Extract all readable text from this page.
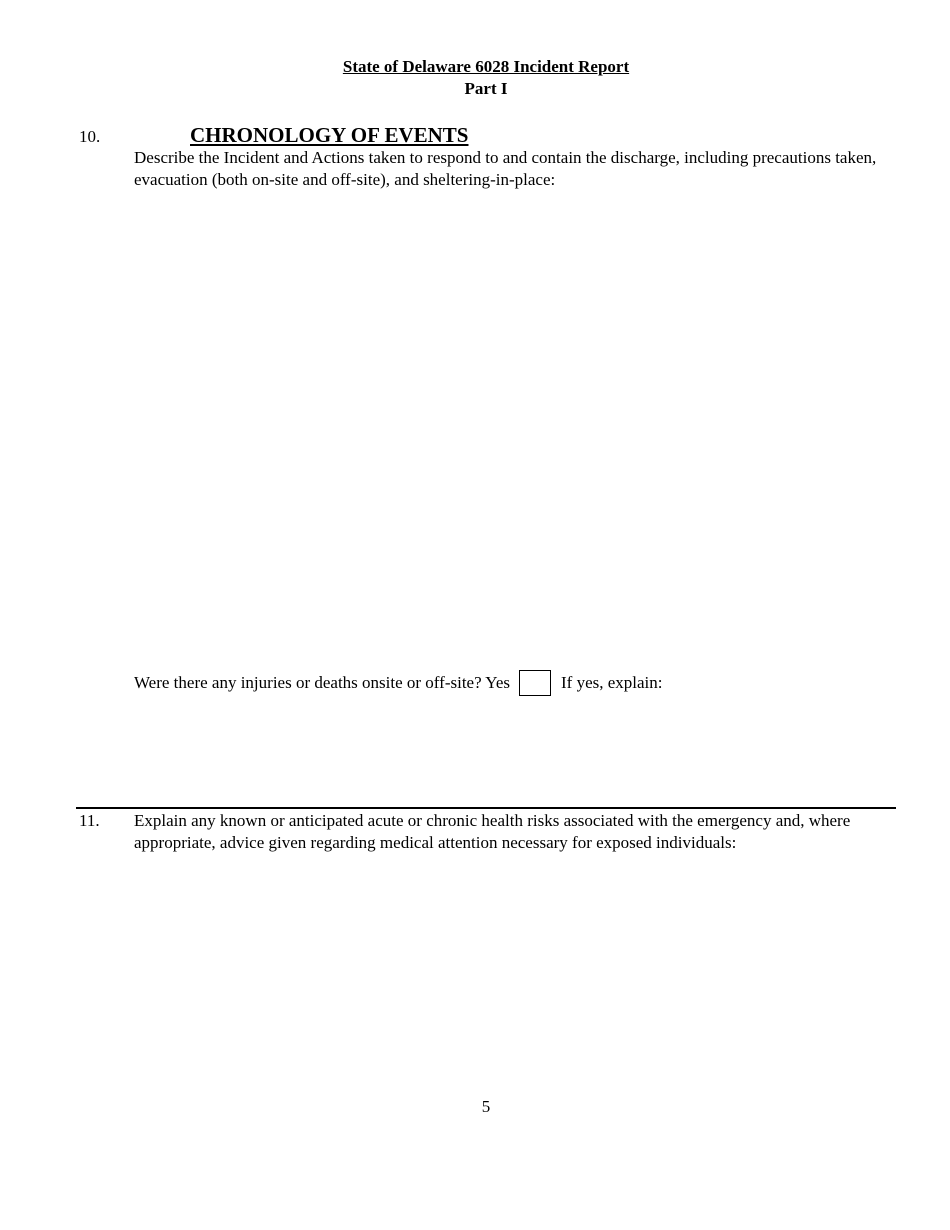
State of Delaware 6028 Incident Report
Part I
10.	CHRONOLOGY OF EVENTS
Describe the Incident and Actions taken to respond to and contain the discharge, including precautions taken, evacuation (both on-site and off-site), and sheltering-in-place:
Were there any injuries or deaths onsite or off-site? Yes	If yes, explain:
11. Explain any known or anticipated acute or chronic health risks associated with the emergency and, where appropriate, advice given regarding medical attention necessary for exposed individuals:
5
